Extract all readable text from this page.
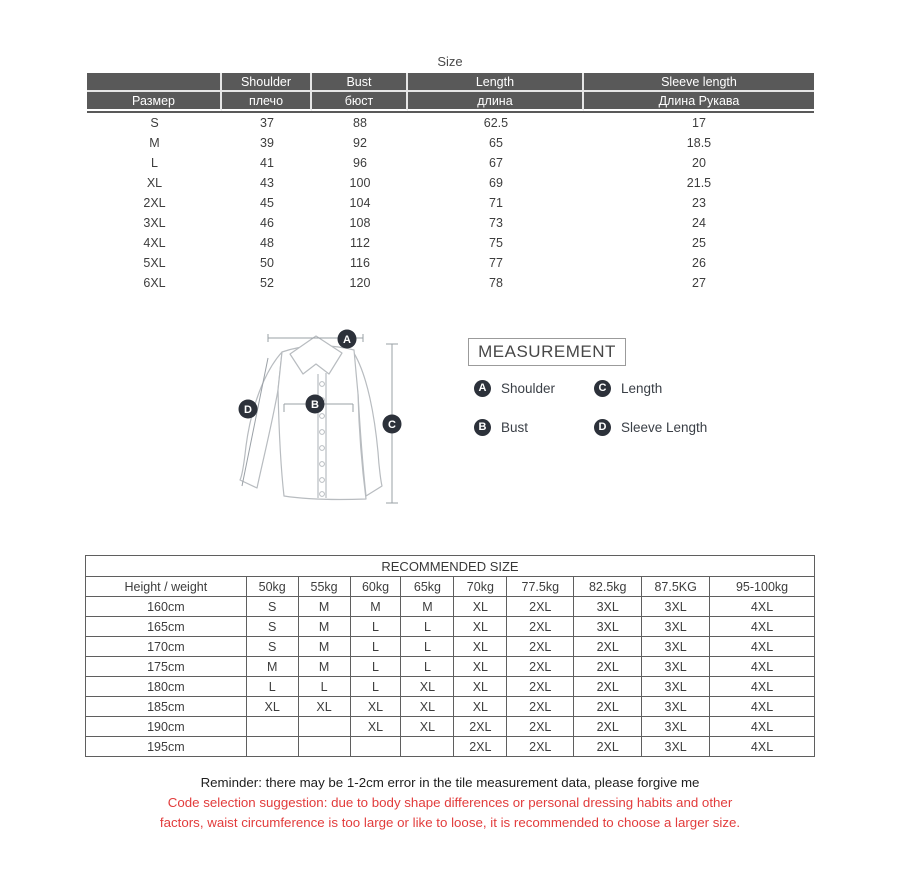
Size
	Shoulder	Bust	Length	Sleeve length
Размер	плечо	бюст	длина	Длина Рукава

S	37	88	62.5	17
M	39	92	65	18.5
L	41	96	67	20
XL	43	100	69	21.5
2XL	45	104	71	23
3XL	46	108	73	24
4XL	48	112	75	25
5XL	50	116	77	26
6XL	52	120	78	27
A
B
C
D
MEASUREMENT
A	Shoulder	C	Length
B	Bust	D	Sleeve Length
RECOMMENDED SIZE									
Height / weight	50kg	55kg	60kg	65kg	70kg	77.5kg	82.5kg	87.5KG	95-100kg
160cm	S	M	M	M	XL	2XL	3XL	3XL	4XL
165cm	S	M	L	L	XL	2XL	3XL	3XL	4XL
170cm	S	M	L	L	XL	2XL	2XL	3XL	4XL
175cm	M	M	L	L	XL	2XL	2XL	3XL	4XL
180cm	L	L	L	XL	XL	2XL	2XL	3XL	4XL
185cm	XL	XL	XL	XL	XL	2XL	2XL	3XL	4XL
190cm			XL	XL	2XL	2XL	2XL	3XL	4XL
195cm					2XL	2XL	2XL	3XL	4XL
Reminder: there may be 1-2cm error in the tile measurement data, please forgive me
Code selection suggestion: due to body shape differences or personal dressing habits and other
factors, waist circumference is too large or like to loose, it is recommended to choose a larger size.
